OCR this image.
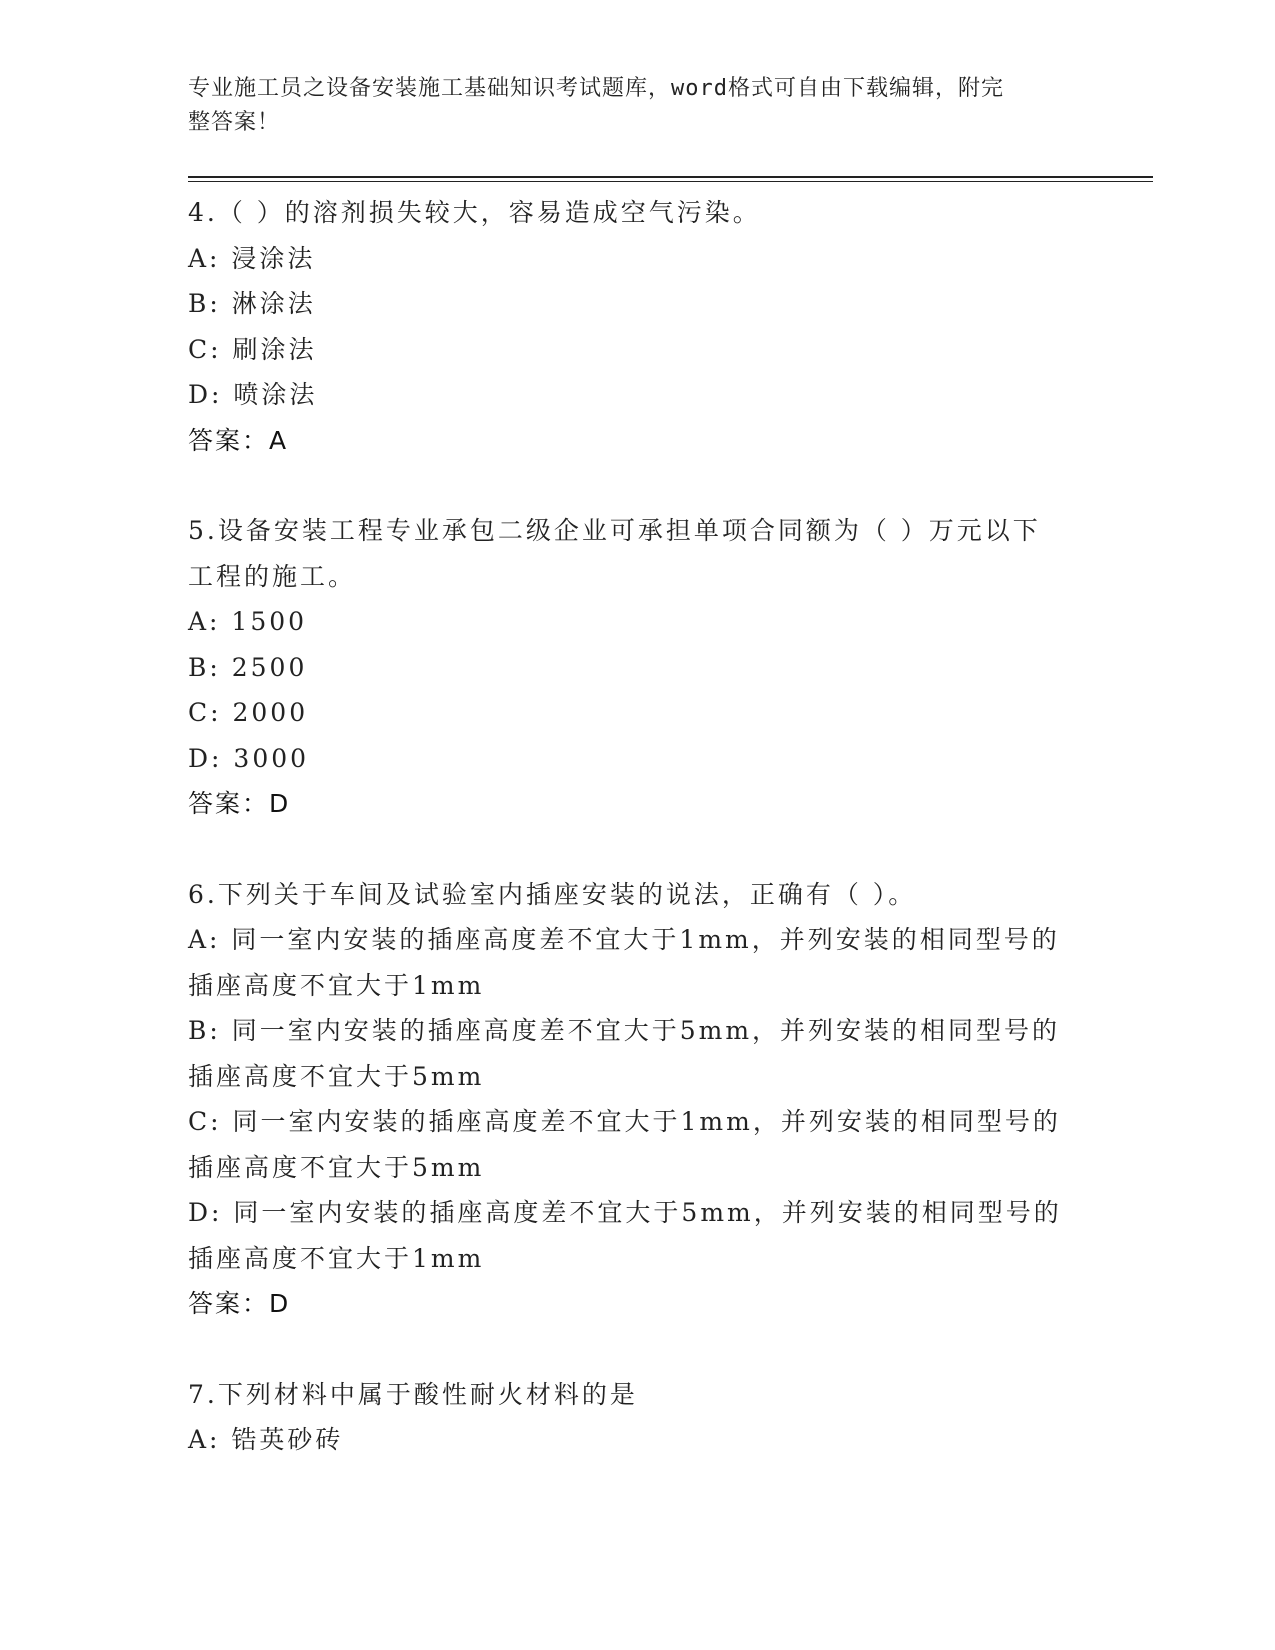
专业施工员之设备安装施工基础知识考试题库，word格式可自由下载编辑，附完
整答案！
4.（ ）的溶剂损失较大，容易造成空气污染。
A: 浸涂法
B: 淋涂法
C: 刷涂法
D: 喷涂法
答案：A
5.设备安装工程专业承包二级企业可承担单项合同额为（ ）万元以下
工程的施工。
A: 1500
B: 2500
C: 2000
D: 3000
答案：D
6.下列关于车间及试验室内插座安装的说法，正确有（ ）。
A: 同一室内安装的插座高度差不宜大于1mm，并列安装的相同型号的
插座高度不宜大于1mm
B: 同一室内安装的插座高度差不宜大于5mm，并列安装的相同型号的
插座高度不宜大于5mm
C: 同一室内安装的插座高度差不宜大于1mm，并列安装的相同型号的
插座高度不宜大于5mm
D: 同一室内安装的插座高度差不宜大于5mm，并列安装的相同型号的
插座高度不宜大于1mm
答案：D
7.下列材料中属于酸性耐火材料的是
A: 锆英砂砖
